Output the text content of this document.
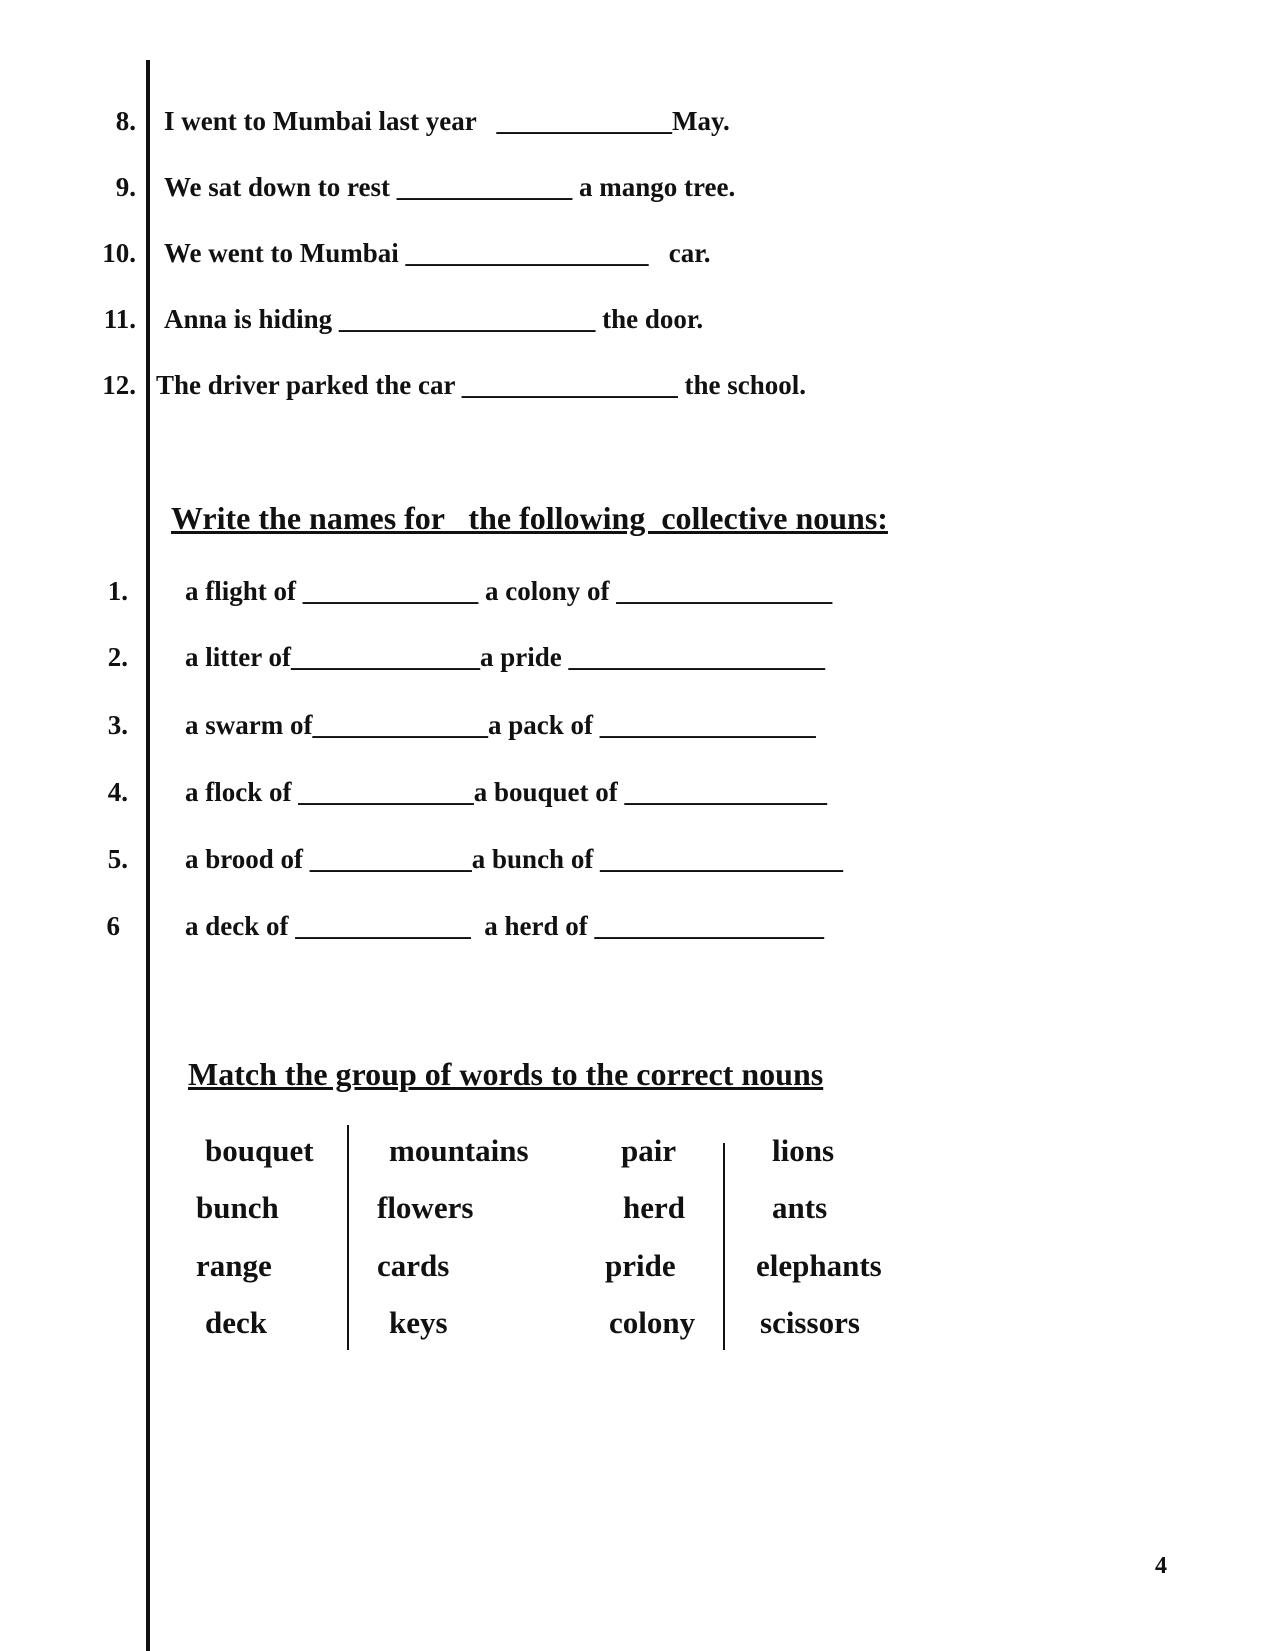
8. I went to Mumbai last year   _____________May.
9. We sat down to rest _____________ a mango tree.
10. We went to Mumbai __________________   car.
11. Anna is hiding ___________________ the door.
12. The driver parked the car ________________ the school.
Write the names for   the following  collective nouns:
1. a flight of _____________ a colony of ________________
2. a litter of______________a pride ___________________
3. a swarm of_____________a pack of ________________
4. a flock of _____________a bouquet of _______________
5. a brood of ____________a bunch of __________________
6 a deck of _____________  a herd of _________________
Match the group of words to the correct nouns
bouquet
bunch
range
deck
mountains
flowers
cards
keys
pair
herd
pride
colony
lions
ants
elephants
scissors
4
